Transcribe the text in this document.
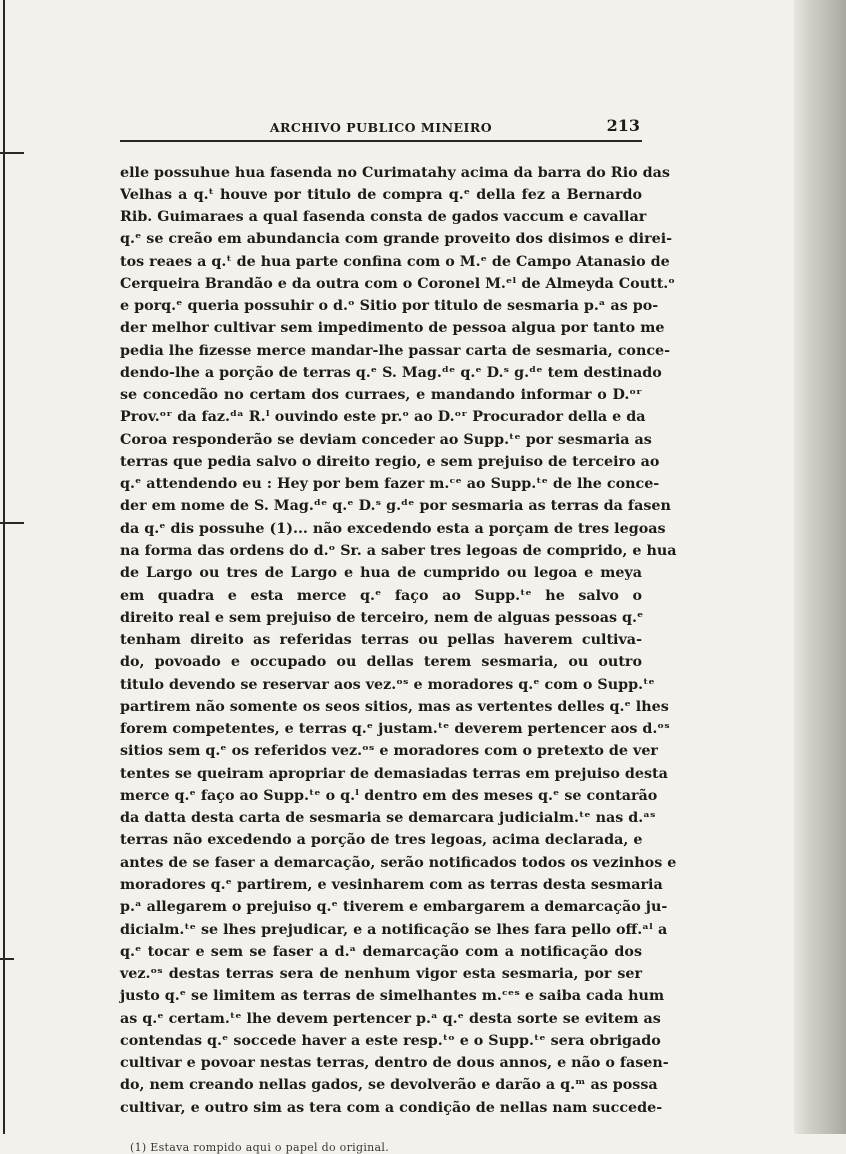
ARCHIVO PUBLICO MINEIRO	213
elle possuhue hua fasenda no Curimatahy acima da barra do Rio das
Velhas a q.ᵗ houve por titulo de compra q.ᵉ della fez a Bernardo
Rib. Guimaraes a qual fasenda consta de gados vaccum e cavallar
q.ᵉ se creão em abundancia com grande proveito dos disimos e direi-
tos reaes a q.ᵗ de hua parte confina com o M.ᵉ de Campo Atanasio de
Cerqueira Brandão e da outra com o Coronel M.ᵉˡ de Almeyda Coutt.ᵒ
e porq.ᵉ queria possuhir o d.ᵒ Sitio por titulo de sesmaria p.ᵃ as po-
der melhor cultivar sem impedimento de pessoa algua por tanto me
pedia lhe fizesse merce mandar-lhe passar carta de sesmaria, conce-
dendo-lhe a porção de terras q.ᵉ S. Mag.ᵈᵉ q.ᵉ D.ˢ g.ᵈᵉ tem destinado
se concedão no certam dos curraes, e mandando informar o D.ᵒʳ
Prov.ᵒʳ da faz.ᵈᵃ R.ˡ ouvindo este pr.ᵒ ao D.ᵒʳ Procurador della e da
Coroa responderão se deviam conceder ao Supp.ᵗᵉ por sesmaria as
terras que pedia salvo o direito regio, e sem prejuiso de terceiro ao
q.ᵉ attendendo eu : Hey por bem fazer m.ᶜᵉ ao Supp.ᵗᵉ de lhe conce-
der em nome de S. Mag.ᵈᵉ q.ᵉ D.ˢ g.ᵈᵉ por sesmaria as terras da fasen
da q.ᵉ dis possuhe (1)... não excedendo esta a porçam de tres legoas
na forma das ordens do d.ᵒ Sr. a saber tres legoas de comprido, e hua
de Largo ou tres de Largo e hua de cumprido ou legoa e meya
em quadra e esta merce q.ᵉ faço ao Supp.ᵗᵉ he salvo o
direito real e sem prejuiso de terceiro, nem de alguas pessoas q.ᵉ
tenham direito as referidas terras ou pellas haverem cultiva-
do, povoado e occupado ou dellas terem sesmaria, ou outro
titulo devendo se reservar aos vez.ᵒˢ e moradores q.ᵉ com o Supp.ᵗᵉ
partirem não somente os seos sitios, mas as vertentes delles q.ᵉ lhes
forem competentes, e terras q.ᵉ justam.ᵗᵉ deverem pertencer aos d.ᵒˢ
sitios sem q.ᵉ os referidos vez.ᵒˢ e moradores com o pretexto de ver
tentes se queiram apropriar de demasiadas terras em prejuiso desta
merce q.ᵉ faço ao Supp.ᵗᵉ o q.ˡ dentro em des meses q.ᵉ se contarão
da datta desta carta de sesmaria se demarcara judicialm.ᵗᵉ nas d.ᵃˢ
terras não excedendo a porção de tres legoas, acima declarada, e
antes de se faser a demarcação, serão notificados todos os vezinhos e
moradores q.ᵉ partirem, e vesinharem com as terras desta sesmaria
p.ᵃ allegarem o prejuiso q.ᵉ tiverem e embargarem a demarcação ju-
dicialm.ᵗᵉ se lhes prejudicar, e a notificação se lhes fara pello off.ᵃˡ a
q.ᵉ tocar e sem se faser a d.ᵃ demarcação com a notificação dos
vez.ᵒˢ destas terras sera de nenhum vigor esta sesmaria, por ser
justo q.ᵉ se limitem as terras de simelhantes m.ᶜᵉˢ e saiba cada hum
as q.ᵉ certam.ᵗᵉ lhe devem pertencer p.ᵃ q.ᵉ desta sorte se evitem as
contendas q.ᵉ soccede haver a este resp.ᵗᵒ e o Supp.ᵗᵉ sera obrigado
cultivar e povoar nestas terras, dentro de dous annos, e não o fasen-
do, nem creando nellas gados, se devolverão e darão a q.ᵐ as possa
cultivar, e outro sim as tera com a condição de nellas nam succede-
(1) Estava rompido aqui o papel do original.
